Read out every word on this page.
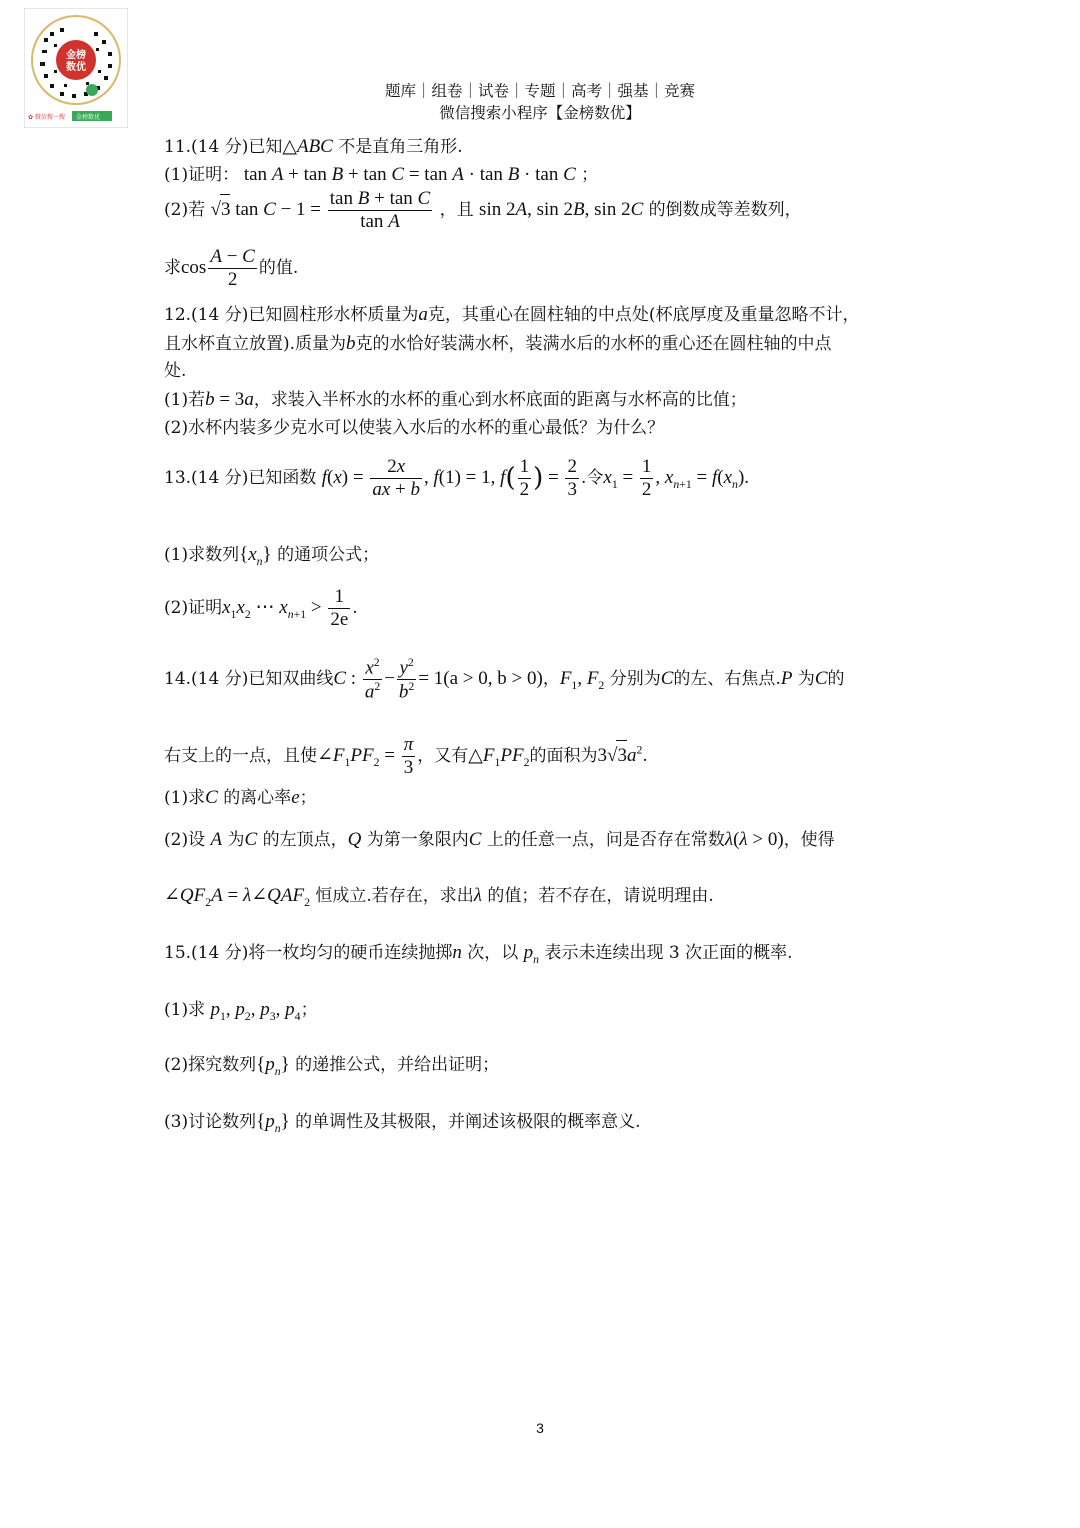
金榜
数优
✿ 微信搜一搜 金榜数优
题库｜组卷｜试卷｜专题｜高考｜强基｜竞赛
微信搜索小程序【金榜数优】
11.(14 分)已知△ABC 不是直角三角形.
(1)证明： tan A + tan B + tan C = tan A · tan B · tan C ；
(2)若 √3 $\tan C - 1 = \frac{\text{tan B + tan C}}{\text{tan A}}$ ，且 sin 2A, sin 2B, sin 2C 的倒数成等差数列，
求$\cos \frac{A - C}{2}$ 的值.
12.(14 分)已知圆柱形水杯质量为a克，其重心在圆柱轴的中点处(杯底厚度及重量忽略不计，
且水杯直立放置).质量为b克的水恰好装满水杯，装满水后的水杯的重心还在圆柱轴的中点
处.
(1)若b = 3a，求装入半杯水的水杯的重心到水杯底面的距离与水杯高的比值；
(2)水杯内装多少克水可以使装入水后的水杯的重心最低？为什么？
13.(14 分)已知函数 $f(x) = \frac{2x}{ax + b}$ , f(1) = 1, $f( \frac{1}{2}$ ) = $\frac{2}{3}$ .令$x_1 = \frac{1}{2}$ , $x_{n+1} = f(x_n)$.
(1)求数列$\{x_n\}$ 的通项公式；
(2)证明$x_1x_2$ ⋯ $x_{n+1} > \frac{1}{2e}$ .
14.(14 分)已知双曲线C : $\frac{x^2}{a^2} - \frac{y^2}{b^2} = 1(a > 0$, b > 0)，$F_1$, $F_2$ 分别为C的左、右焦点.P 为C的
右支上的一点，且使$\angle F_1PF_2 = \frac{\pi}{3}$ ，又有$\triangle F_1PF_2$的面积为$3√3a^2$.
(1)求C 的离心率e；
(2)设 A 为C 的左顶点，Q 为第一象限内C 上的任意一点，问是否存在常数λ(λ > 0)，使得
$\angle QF_2A$ = $\lambda\angle QAF_2$ 恒成立.若存在，求出λ 的值；若不存在，请说明理由.
15.(14 分)将一枚均匀的硬币连续抛掷n 次，以 $p_n$ 表示未连续出现 3 次正面的概率.
(1)求 $p_1$, $p_2$, $p_3$, $p_4$；
(2)探究数列$\{p_n\}$ 的递推公式，并给出证明；
(3)讨论数列$\{p_n\}$ 的单调性及其极限，并阐述该极限的概率意义.
3
